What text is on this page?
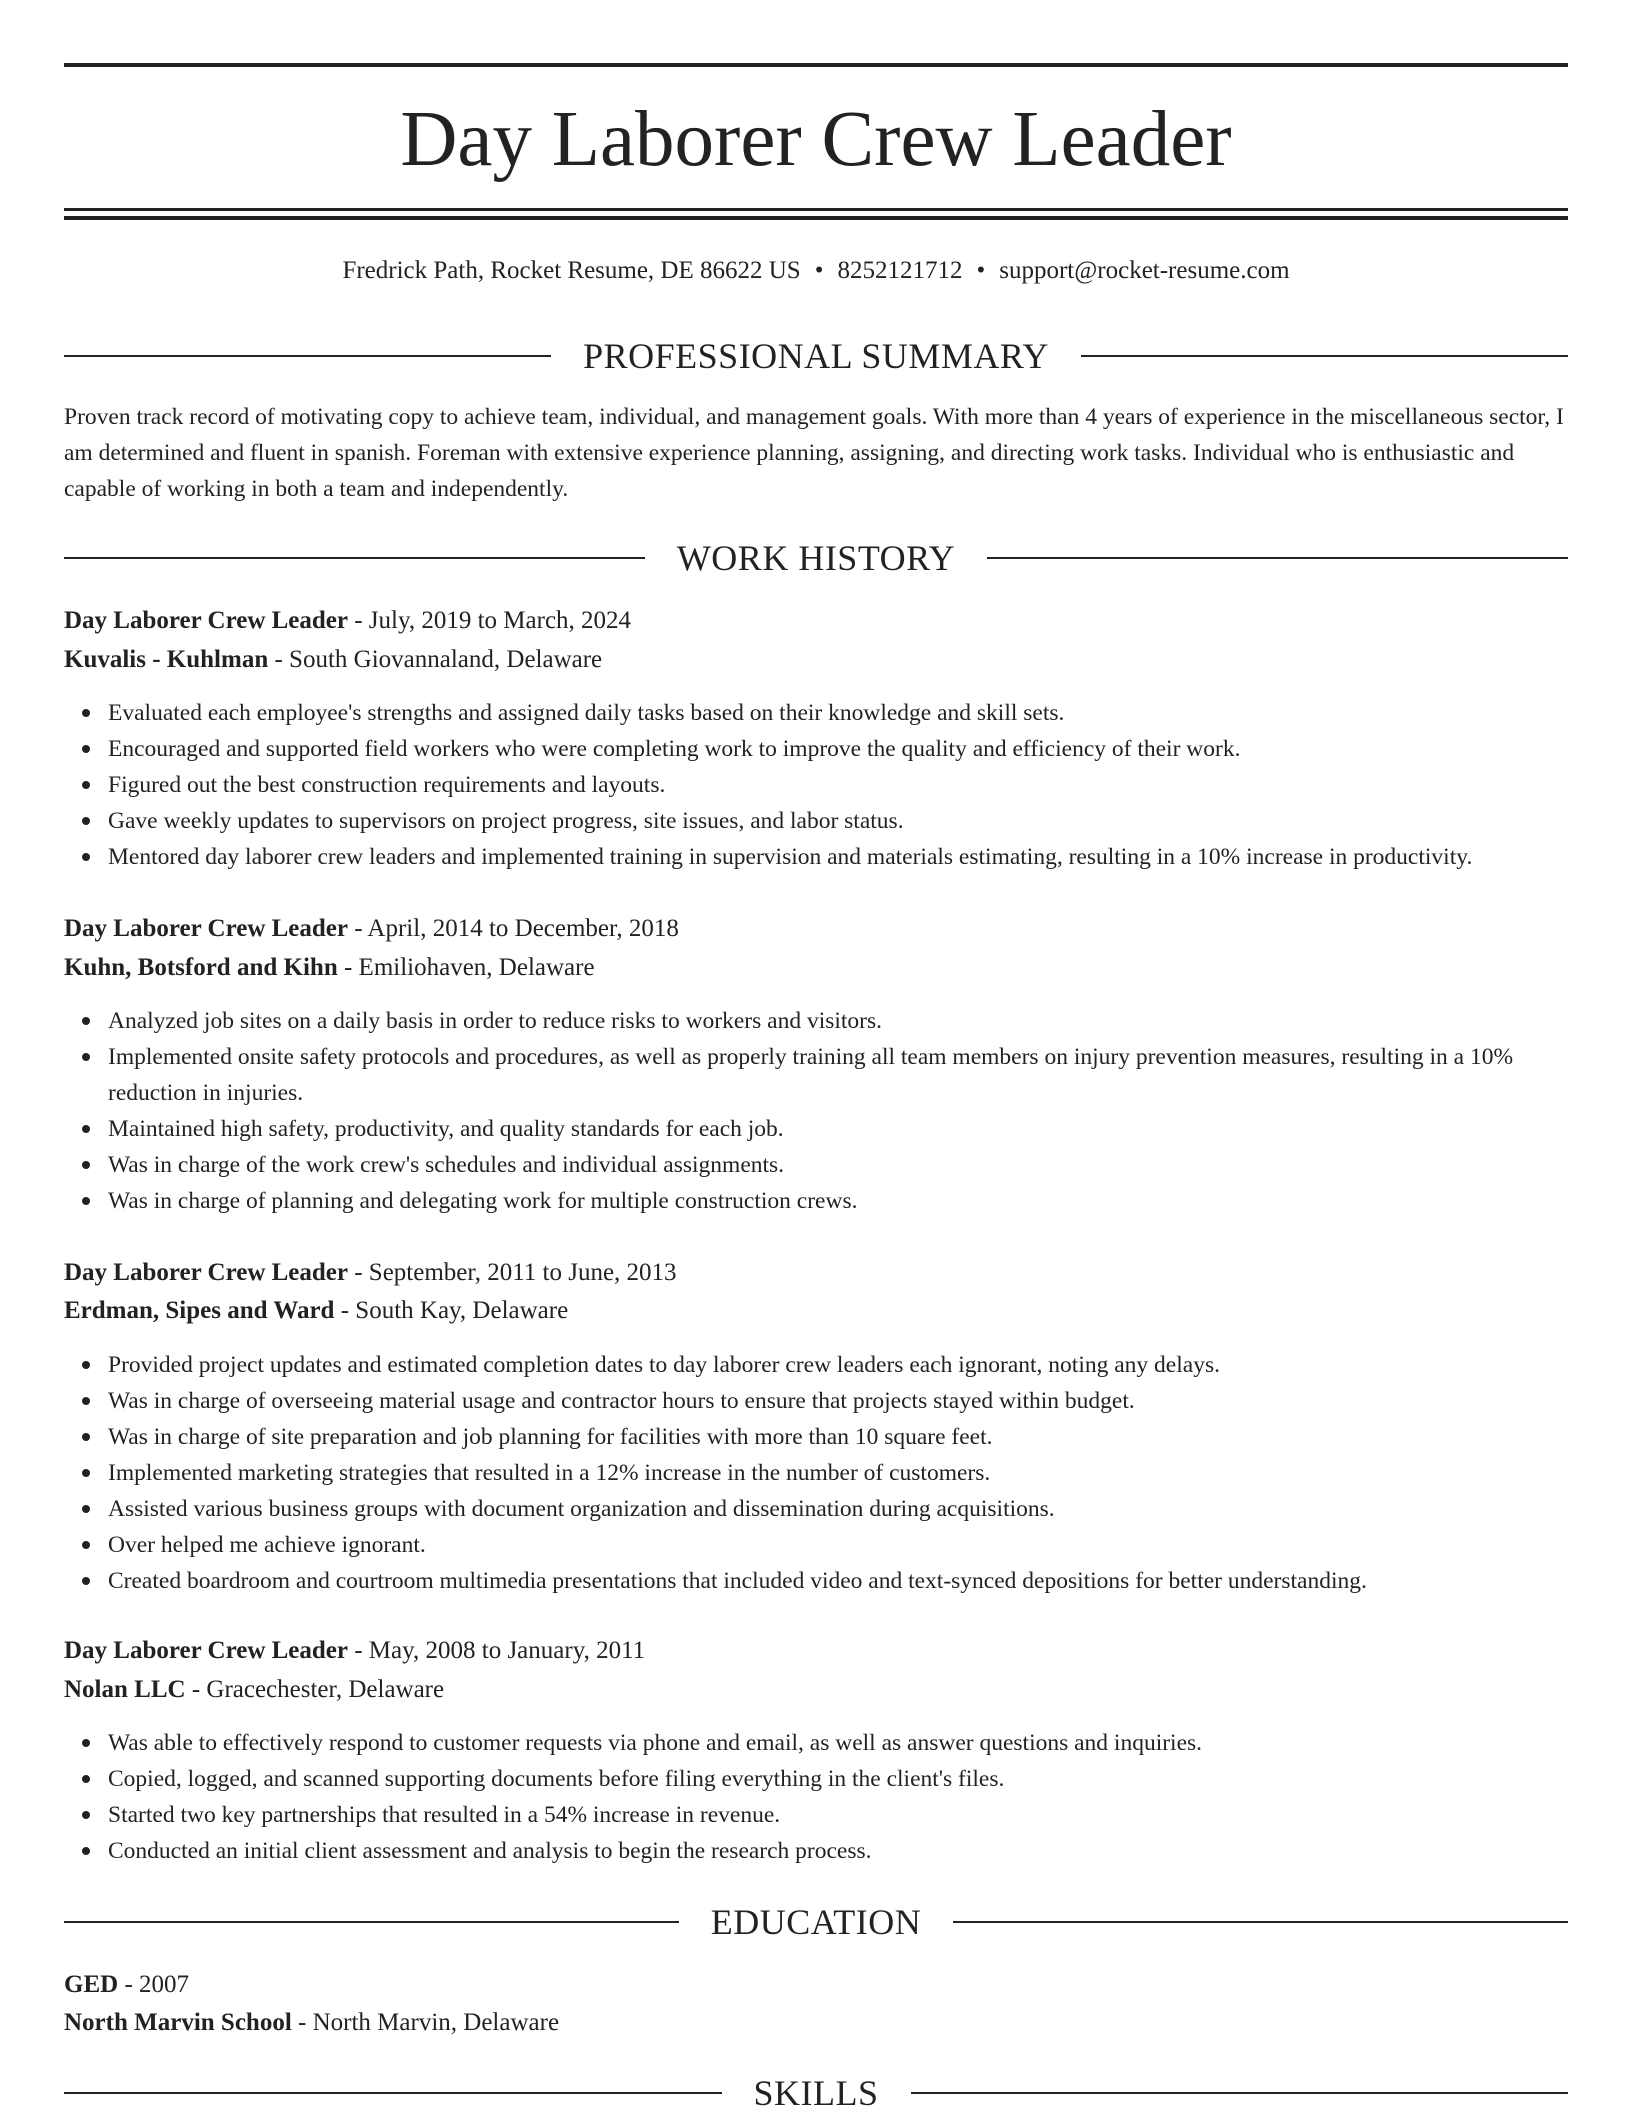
Day Laborer Crew Leader
Fredrick Path, Rocket Resume, DE 86622 US • 8252121712 • support@rocket-resume.com
PROFESSIONAL SUMMARY

Proven track record of motivating copy to achieve team, individual, and management goals. With more than 4 years of experience in the miscellaneous sector, I am determined and fluent in spanish. Foreman with extensive experience planning, assigning, and directing work tasks. Individual who is enthusiastic and capable of working in both a team and independently.

WORK HISTORY
Day Laborer Crew Leader - July, 2019 to March, 2024
Kuvalis - Kuhlman - South Giovannaland, Delaware
Evaluated each employee's strengths and assigned daily tasks based on their knowledge and skill sets.
Encouraged and supported field workers who were completing work to improve the quality and efficiency of their work.
Figured out the best construction requirements and layouts.
Gave weekly updates to supervisors on project progress, site issues, and labor status.
Mentored day laborer crew leaders and implemented training in supervision and materials estimating, resulting in a 10% increase in productivity.
Day Laborer Crew Leader - April, 2014 to December, 2018
Kuhn, Botsford and Kihn - Emiliohaven, Delaware
Analyzed job sites on a daily basis in order to reduce risks to workers and visitors.
Implemented onsite safety protocols and procedures, as well as properly training all team members on injury prevention measures, resulting in a 10% reduction in injuries.
Maintained high safety, productivity, and quality standards for each job.
Was in charge of the work crew's schedules and individual assignments.
Was in charge of planning and delegating work for multiple construction crews.
Day Laborer Crew Leader - September, 2011 to June, 2013
Erdman, Sipes and Ward - South Kay, Delaware
Provided project updates and estimated completion dates to day laborer crew leaders each ignorant, noting any delays.
Was in charge of overseeing material usage and contractor hours to ensure that projects stayed within budget.
Was in charge of site preparation and job planning for facilities with more than 10 square feet.
Implemented marketing strategies that resulted in a 12% increase in the number of customers.
Assisted various business groups with document organization and dissemination during acquisitions.
Over helped me achieve ignorant.
Created boardroom and courtroom multimedia presentations that included video and text-synced depositions for better understanding.
Day Laborer Crew Leader - May, 2008 to January, 2011
Nolan LLC - Gracechester, Delaware
Was able to effectively respond to customer requests via phone and email, as well as answer questions and inquiries.
Copied, logged, and scanned supporting documents before filing everything in the client's files.
Started two key partnerships that resulted in a 54% increase in revenue.
Conducted an initial client assessment and analysis to begin the research process.
EDUCATION
GED - 2007
North Marvin School - North Marvin, Delaware
SKILLS
